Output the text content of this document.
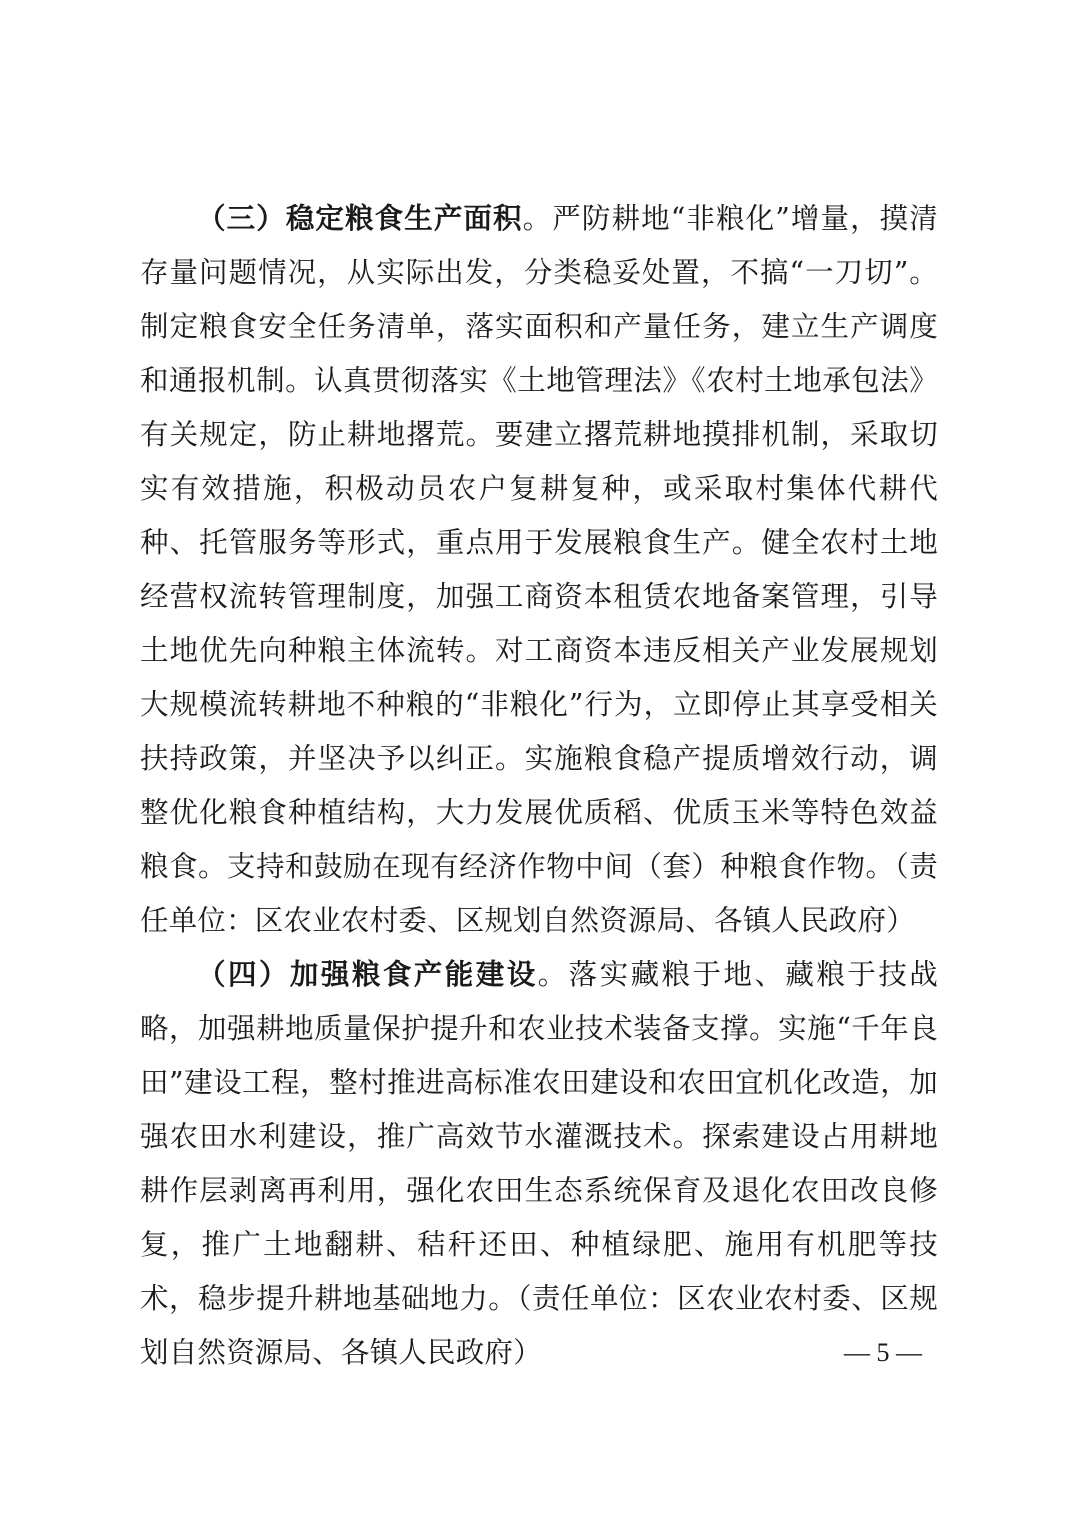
（三）稳定粮食生产面积。严防耕地“非粮化”增量，摸清存量问题情况，从实际出发，分类稳妥处置，不搞“一刀切”。制定粮食安全任务清单，落实面积和产量任务，建立生产调度和通报机制。认真贯彻落实《土地管理法》《农村土地承包法》有关规定，防止耕地撂荒。要建立撂荒耕地摸排机制，采取切实有效措施，积极动员农户复耕复种，或采取村集体代耕代种、托管服务等形式，重点用于发展粮食生产。健全农村土地经营权流转管理制度，加强工商资本租赁农地备案管理，引导土地优先向种粮主体流转。对工商资本违反相关产业发展规划大规模流转耕地不种粮的“非粮化”行为，立即停止其享受相关扶持政策，并坚决予以纠正。实施粮食稳产提质增效行动，调整优化粮食种植结构，大力发展优质稻、优质玉米等特色效益粮食。支持和鼓励在现有经济作物中间（套）种粮食作物。（责任单位：区农业农村委、区规划自然资源局、各镇人民政府）

（四）加强粮食产能建设。落实藏粮于地、藏粮于技战略，加强耕地质量保护提升和农业技术装备支撑。实施“千年良田”建设工程，整村推进高标准农田建设和农田宜机化改造，加强农田水利建设，推广高效节水灌溉技术。探索建设占用耕地耕作层剥离再利用，强化农田生态系统保育及退化农田改良修复，推广土地翻耕、秸秆还田、种植绿肥、施用有机肥等技术，稳步提升耕地基础地力。（责任单位：区农业农村委、区规划自然资源局、各镇人民政府）	— 5 —
